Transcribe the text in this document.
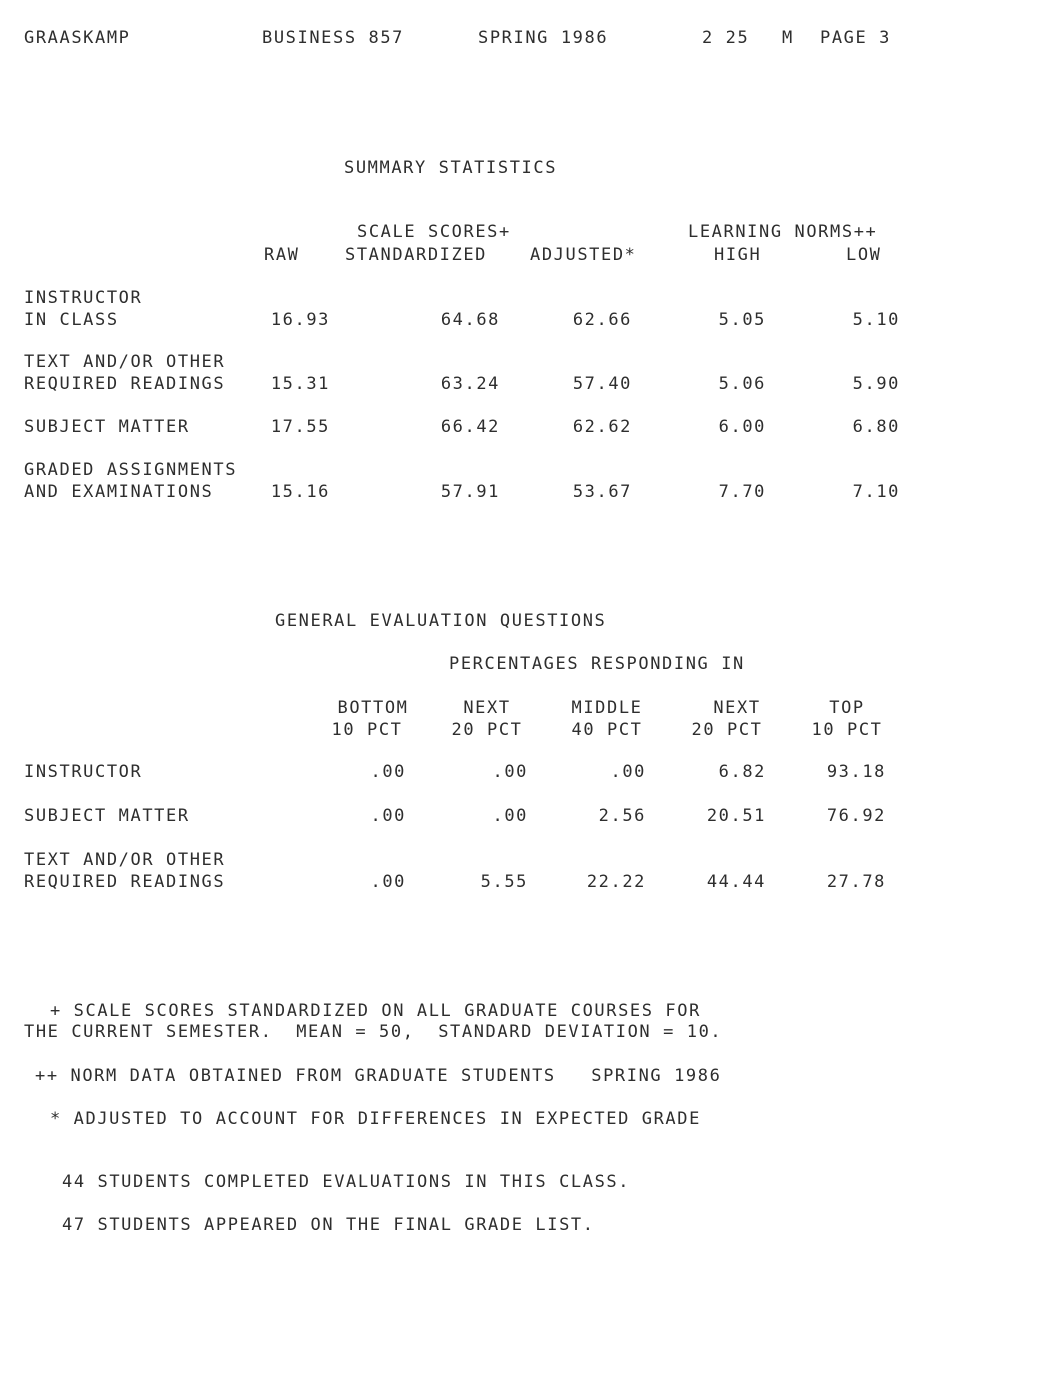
GRAASKAMP	BUSINESS 857	SPRING 1986	2 25 M PAGE 3
SUMMARY STATISTICS
SCALE SCORES+	LEARNING NORMS++
RAW	STANDARDIZED	ADJUSTED*	HIGH	LOW
INSTRUCTOR
IN CLASS	16.93	64.68	62.66	5.05	5.10
TEXT AND/OR OTHER
REQUIRED READINGS	15.31	63.24	57.40	5.06	5.90
SUBJECT MATTER	17.55	66.42	62.62	6.00	6.80
GRADED ASSIGNMENTS
AND EXAMINATIONS	15.16	57.91	53.67	7.70	7.10
GENERAL EVALUATION QUESTIONS
PERCENTAGES RESPONDING IN
BOTTOM	NEXT	MIDDLE	NEXT	TOP
10 PCT	20 PCT	40 PCT	20 PCT	10 PCT
INSTRUCTOR	.00	.00	.00	6.82	93.18
SUBJECT MATTER	.00	.00	2.56	20.51	76.92
TEXT AND/OR OTHER
REQUIRED READINGS	.00	5.55	22.22	44.44	27.78
+ SCALE SCORES STANDARDIZED ON ALL GRADUATE COURSES FOR
THE CURRENT SEMESTER.  MEAN = 50,  STANDARD DEVIATION = 10.
++ NORM DATA OBTAINED FROM GRADUATE STUDENTS   SPRING 1986
* ADJUSTED TO ACCOUNT FOR DIFFERENCES IN EXPECTED GRADE
44 STUDENTS COMPLETED EVALUATIONS IN THIS CLASS.
47 STUDENTS APPEARED ON THE FINAL GRADE LIST.
